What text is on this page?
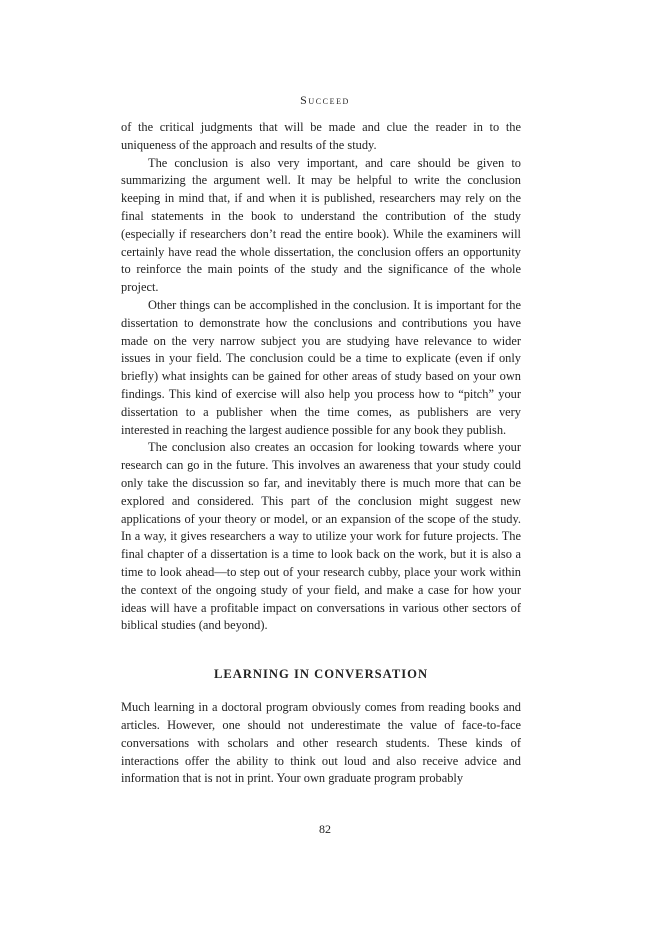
Succeed

of the critical judgments that will be made and clue the reader in to the uniqueness of the approach and results of the study.

The conclusion is also very important, and care should be given to summarizing the argument well. It may be helpful to write the conclusion keeping in mind that, if and when it is published, researchers may rely on the final statements in the book to understand the contribution of the study (especially if researchers don’t read the entire book). While the examiners will certainly have read the whole dissertation, the conclusion offers an opportunity to reinforce the main points of the study and the significance of the whole project.

Other things can be accomplished in the conclusion. It is important for the dissertation to demonstrate how the conclusions and contributions you have made on the very narrow subject you are studying have relevance to wider issues in your field. The conclusion could be a time to explicate (even if only briefly) what insights can be gained for other areas of study based on your own findings. This kind of exercise will also help you process how to “pitch” your dissertation to a publisher when the time comes, as publishers are very interested in reaching the largest audience possible for any book they publish.

The conclusion also creates an occasion for looking towards where your research can go in the future. This involves an awareness that your study could only take the discussion so far, and inevitably there is much more that can be explored and considered. This part of the conclusion might suggest new applications of your theory or model, or an expansion of the scope of the study. In a way, it gives researchers a way to utilize your work for future projects. The final chapter of a dissertation is a time to look back on the work, but it is also a time to look ahead—to step out of your research cubby, place your work within the context of the ongoing study of your field, and make a case for how your ideas will have a profitable impact on conversations in various other sectors of biblical studies (and beyond).

LEARNING IN CONVERSATION

Much learning in a doctoral program obviously comes from reading books and articles. However, one should not underestimate the value of face-to-face conversations with scholars and other research students. These kinds of interactions offer the ability to think out loud and also receive advice and information that is not in print. Your own graduate program probably

82
